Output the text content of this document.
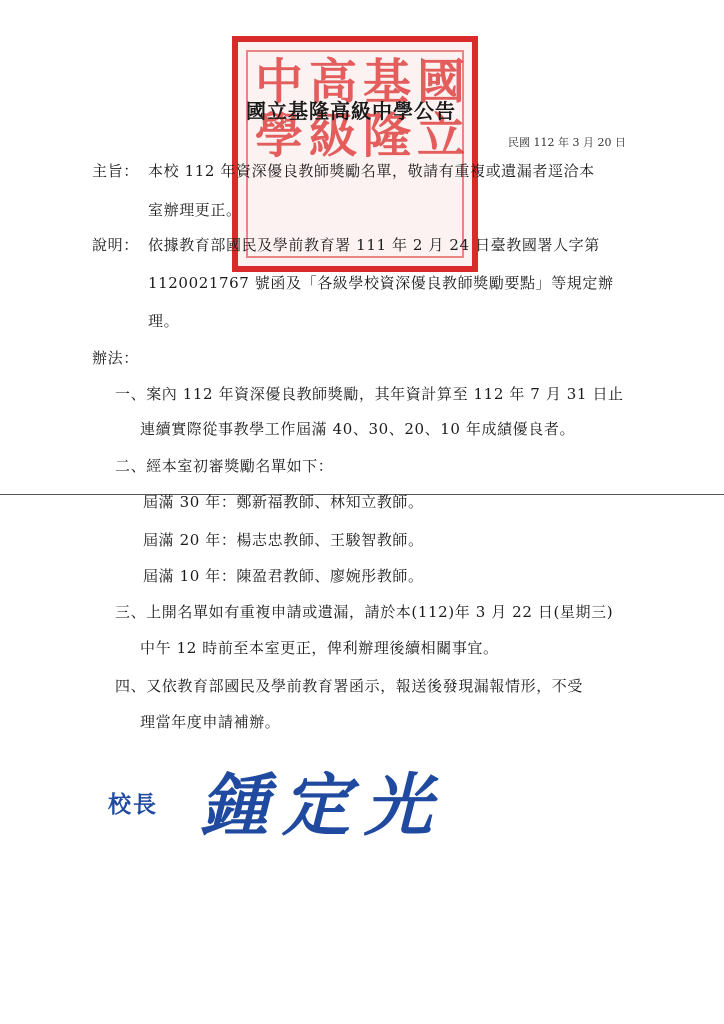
國
立
基
隆
高
級
中
學
國立基隆高級中學公告
民國 112 年 3 月 20 日
主旨： 本校 112 年資深優良教師獎勵名單，敬請有重複或遺漏者逕洽本
室辦理更正。
說明： 依據教育部國民及學前教育署 111 年 2 月 24 日臺教國署人字第
1120021767 號函及「各級學校資深優良教師獎勵要點」等規定辦
理。
辦法：
一、案內 112 年資深優良教師獎勵，其年資計算至 112 年 7 月 31 日止
連續實際從事教學工作屆滿 40、30、20、10 年成績優良者。
二、經本室初審獎勵名單如下：
屆滿 30 年：鄭新福教師、林知立教師。
屆滿 20 年：楊志忠教師、王駿智教師。
屆滿 10 年：陳盈君教師、廖婉彤教師。
三、上開名單如有重複申請或遺漏，請於本(112)年 3 月 22 日(星期三)
中午 12 時前至本室更正，俾利辦理後續相關事宜。
四、又依教育部國民及學前教育署函示，報送後發現漏報情形，不受
理當年度申請補辦。
校長 鍾定光
